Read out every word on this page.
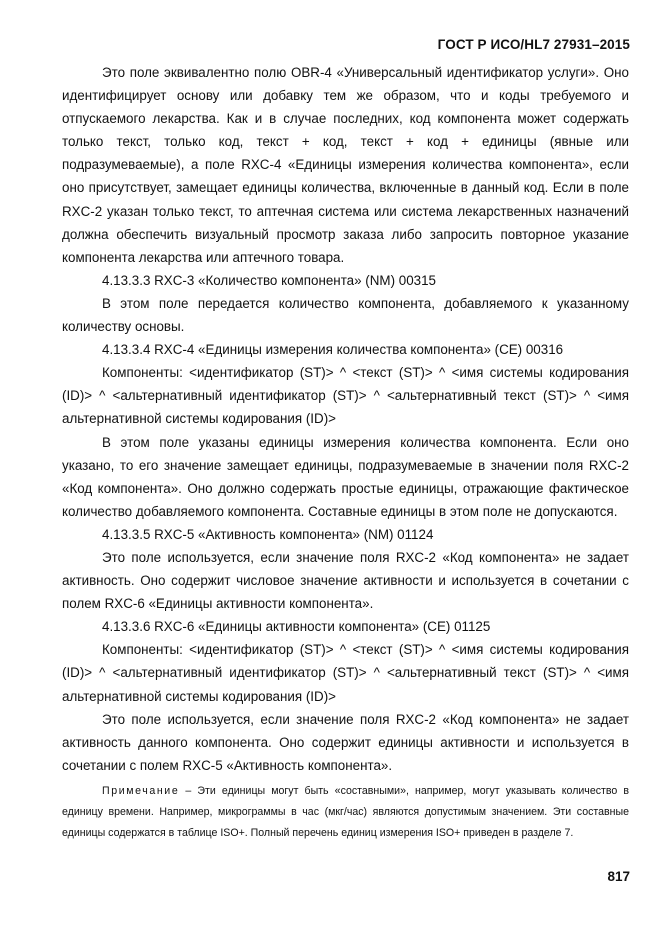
ГОСТ Р ИСО/HL7 27931–2015

Это поле эквивалентно полю OBR-4 «Универсальный идентификатор услуги». Оно идентифицирует основу или добавку тем же образом, что и коды требуемого и отпускаемого лекарства. Как и в случае последних, код компонента может содержать только текст, только код, текст + код, текст + код + единицы (явные или подразумеваемые), а поле RXC-4 «Единицы измерения количества компонента», если оно присутствует, замещает единицы количества, включенные в данный код. Если в поле RXC-2 указан только текст, то аптечная система или система лекарственных назначений должна обеспечить визуальный просмотр заказа либо запросить повторное указание компонента лекарства или аптечного товара.

4.13.3.3 RXC-3 «Количество компонента» (NM) 00315

В этом поле передается количество компонента, добавляемого к указанному количеству основы.

4.13.3.4 RXC-4 «Единицы измерения количества компонента» (CE) 00316

Компоненты: <идентификатор (ST)> ^ <текст (ST)> ^ <имя системы кодирования (ID)> ^ <альтернативный идентификатор (ST)> ^ <альтернативный текст (ST)> ^ <имя альтернативной системы кодирования (ID)>

В этом поле указаны единицы измерения количества компонента. Если оно указано, то его значение замещает единицы, подразумеваемые в значении поля RXC-2 «Код компонента». Оно должно содержать простые единицы, отражающие фактическое количество добавляемого компонента. Составные единицы в этом поле не допускаются.

4.13.3.5 RXC-5 «Активность компонента» (NM) 01124

Это поле используется, если значение поля RXC-2 «Код компонента» не задает активность. Оно содержит числовое значение активности и используется в сочетании с полем RXC-6 «Единицы активности компонента».

4.13.3.6 RXC-6 «Единицы активности компонента» (CE) 01125

Компоненты: <идентификатор (ST)> ^ <текст (ST)> ^ <имя системы кодирования (ID)> ^ <альтернативный идентификатор (ST)> ^ <альтернативный текст (ST)> ^ <имя альтернативной системы кодирования (ID)>

Это поле используется, если значение поля RXC-2 «Код компонента» не задает активность данного компонента. Оно содержит единицы активности и используется в сочетании с полем RXC-5 «Активность компонента».

Примечание – Эти единицы могут быть «составными», например, могут указывать количество в единицу времени. Например, микрограммы в час (мкг/час) являются допустимым значением. Эти составные единицы содержатся в таблице ISO+. Полный перечень единиц измерения ISO+ приведен в разделе 7.

817
